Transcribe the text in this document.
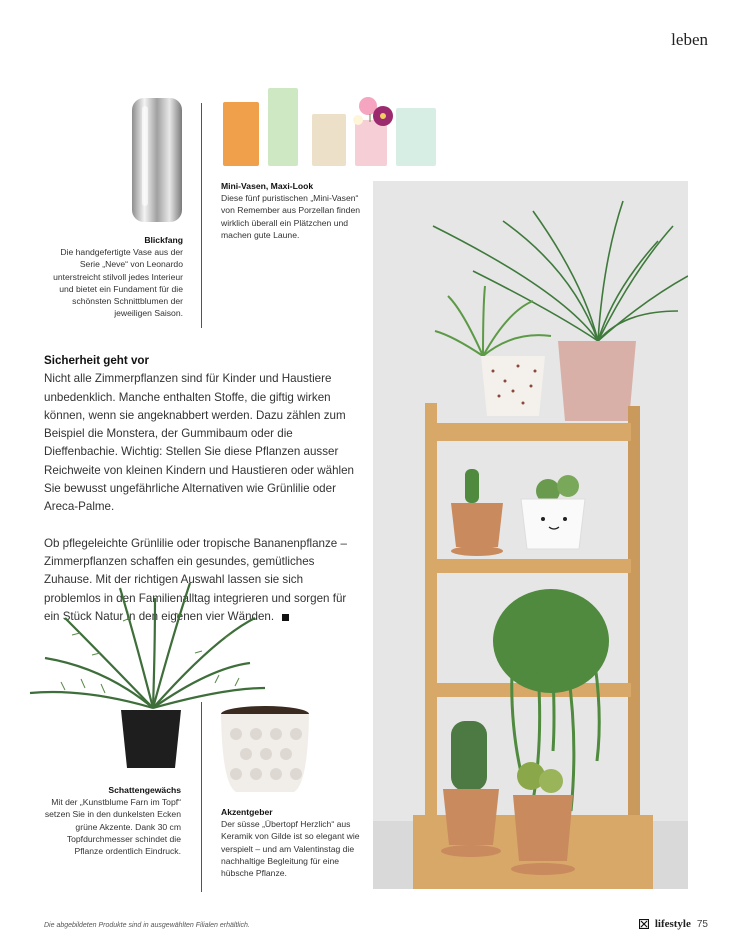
leben
Blickfang
Die handgefertigte Vase aus der Serie „Neve“ von Leonardo unterstreicht stilvoll jedes Interieur und bietet ein Fundament für die schönsten Schnittblumen der jeweiligen Saison.
Mini-Vasen, Maxi-Look
Diese fünf puristischen „Mini-Vasen“ von Remember aus Porzellan finden wirklich überall ein Plätzchen und machen gute Laune.
Sicherheit geht vor

Nicht alle Zimmerpflanzen sind für Kinder und Haustiere unbedenklich. Manche enthalten Stoffe, die giftig wirken können, wenn sie angeknabbert werden. Dazu zählen zum Beispiel die Monstera, der Gummibaum oder die Dieffenbachie. Wichtig: Stellen Sie diese Pflanzen ausser Reichweite von kleinen Kindern und Haustieren oder wählen Sie bewusst ungefährliche Alternativen wie Grünlilie oder Areca-Palme.

Ob pflegeleichte Grünlilie oder tropische Bananenpflanze – Zimmerpflanzen schaffen ein gesundes, gemütliches Zuhause. Mit der richtigen Auswahl lassen sie sich problemlos in den Familienalltag integrieren und sorgen für ein Stück Natur in den eigenen vier Wänden.

Schattengewächs
Mit der „Kunstblume Farn im Topf“ setzen Sie in den dunkelsten Ecken grüne Akzente. Dank 30 cm Topfdurchmesser schindet die Pflanze ordentlich Eindruck.
Akzentgeber
Der süsse „Übertopf Herzlich“ aus Keramik von Gilde ist so elegant wie verspielt – und am Valentinstag die nachhaltige Begleitung für eine hübsche Pflanze.
Die abgebildeten Produkte sind in ausgewählten Filialen erhältlich.	lifestyle 75
